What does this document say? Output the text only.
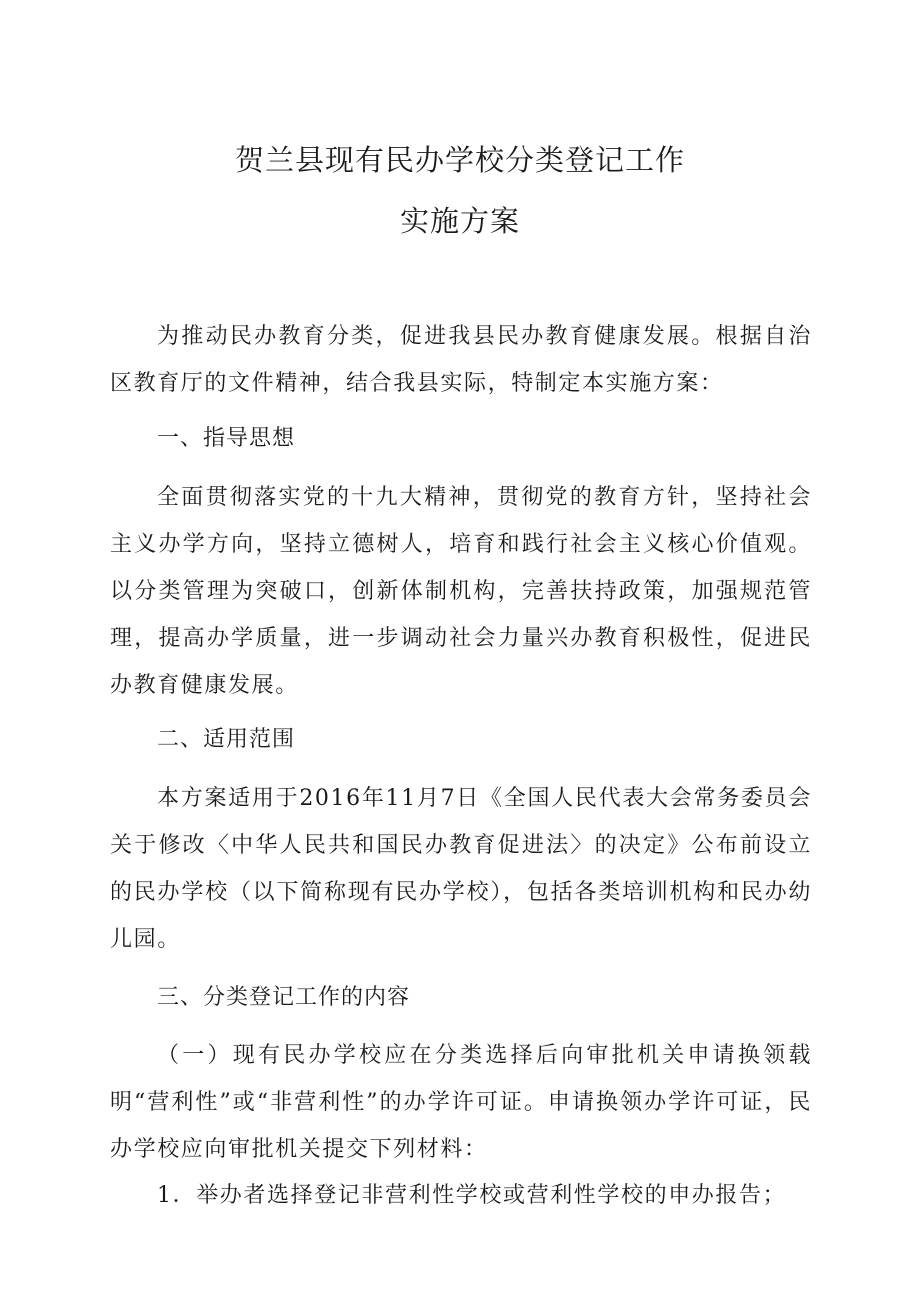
贺兰县现有民办学校分类登记工作
实施方案

为推动民办教育分类，促进我县民办教育健康发展。根据自治区教育厅的文件精神，结合我县实际，特制定本实施方案：

一、指导思想

全面贯彻落实党的十九大精神，贯彻党的教育方针，坚持社会主义办学方向，坚持立德树人，培育和践行社会主义核心价值观。以分类管理为突破口，创新体制机构，完善扶持政策，加强规范管理，提高办学质量，进一步调动社会力量兴办教育积极性，促进民办教育健康发展。

二、适用范围

本方案适用于2016年11月7日《全国人民代表大会常务委员会关于修改〈中华人民共和国民办教育促进法〉的决定》公布前设立的民办学校（以下简称现有民办学校），包括各类培训机构和民办幼儿园。

三、分类登记工作的内容

（一）现有民办学校应在分类选择后向审批机关申请换领载明“营利性”或“非营利性”的办学许可证。申请换领办学许可证，民办学校应向审批机关提交下列材料：

1．举办者选择登记非营利性学校或营利性学校的申办报告；
